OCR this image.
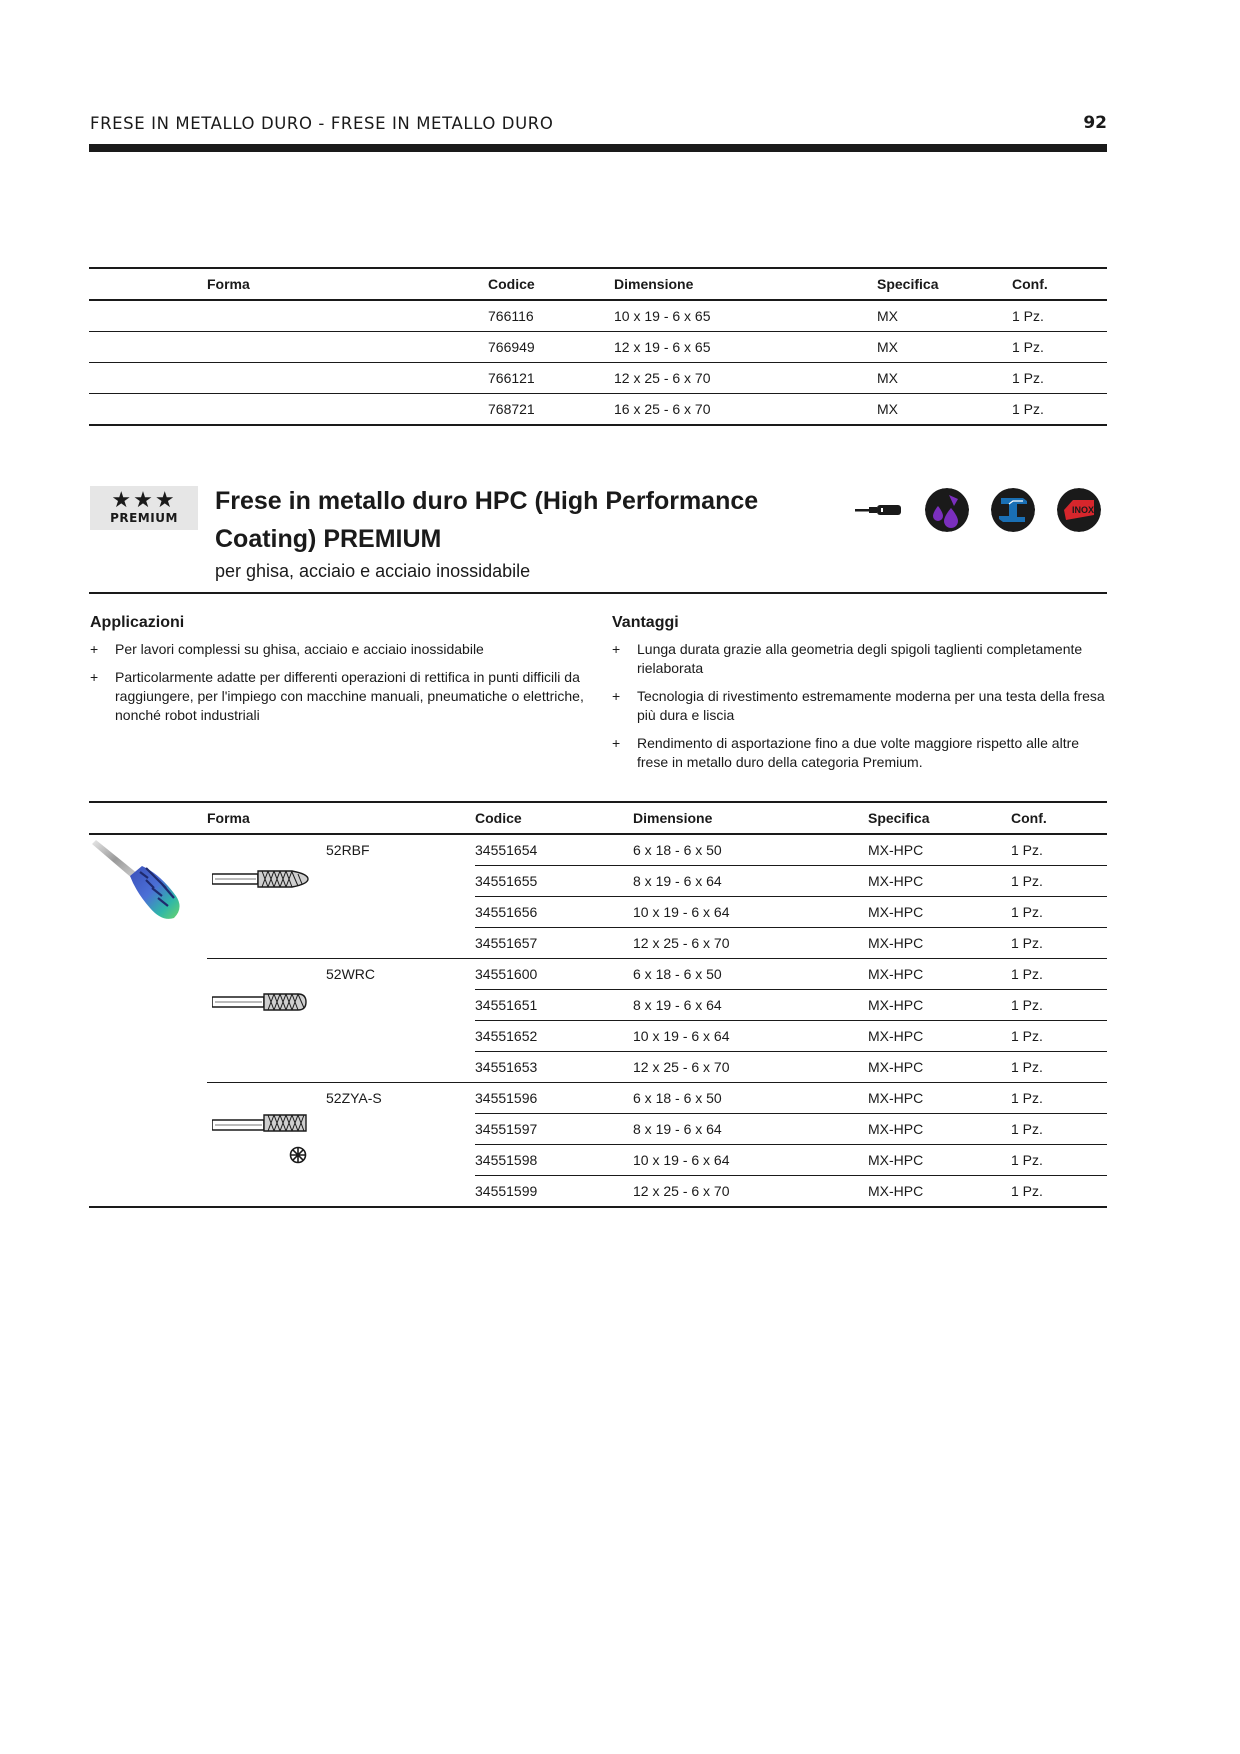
FRESE IN METALLO DURO - FRESE IN METALLO DURO	92
	Forma	Codice	Dimensione	Specifica	Conf.
		766116	10 x 19 - 6 x 65	MX	1 Pz.
		766949	12 x 19 - 6 x 65	MX	1 Pz.
		766121	12 x 25 - 6 x 70	MX	1 Pz.
		768721	16 x 25 - 6 x 70	MX	1 Pz.
★★★
PREMIUM
Frese in metallo duro HPC (High Performance Coating) PREMIUM
per ghisa, acciaio e acciaio inossidabile
INOX
Applicazioni
+ Per lavori complessi su ghisa, acciaio e acciaio inossidabile
+ Particolarmente adatte per differenti operazioni di rettifica in punti difficili da raggiungere, per l'impiego con macchine manuali, pneumatiche o elettriche, nonché robot industriali
Vantaggi
+ Lunga durata grazie alla geometria degli spigoli taglienti completamente rielaborata
+ Tecnologia di rivestimento estremamente moderna per una testa della fresa più dura e liscia
+ Rendimento di asportazione fino a due volte maggiore rispetto alle altre frese in metallo duro della categoria Premium.
	Forma		Codice	Dimensione	Specifica	Conf.
		52RBF	34551654	6 x 18 - 6 x 50	MX-HPC	1 Pz.
			34551655	8 x 19 - 6 x 64	MX-HPC	1 Pz.
			34551656	10 x 19 - 6 x 64	MX-HPC	1 Pz.
			34551657	12 x 25 - 6 x 70	MX-HPC	1 Pz.
		52WRC	34551600	6 x 18 - 6 x 50	MX-HPC	1 Pz.
			34551651	8 x 19 - 6 x 64	MX-HPC	1 Pz.
			34551652	10 x 19 - 6 x 64	MX-HPC	1 Pz.
			34551653	12 x 25 - 6 x 70	MX-HPC	1 Pz.
		52ZYA-S	34551596	6 x 18 - 6 x 50	MX-HPC	1 Pz.
			34551597	8 x 19 - 6 x 64	MX-HPC	1 Pz.
			34551598	10 x 19 - 6 x 64	MX-HPC	1 Pz.
			34551599	12 x 25 - 6 x 70	MX-HPC	1 Pz.
